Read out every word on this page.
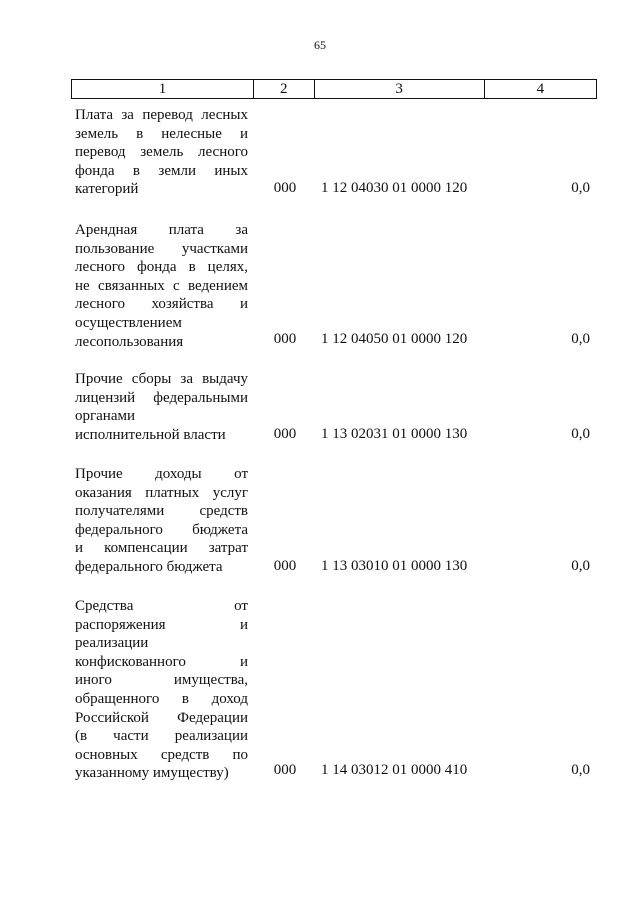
65
1	2	3	4
Плата за перевод лесных
земель в нелесные и
перевод земель лесного
фонда в земли иных
категорий	000	1 12 04030 01 0000 120	0,0
Арендная плата за
пользование участками
лесного фонда в целях,
не связанных с ведением
лесного хозяйства и
осуществлением
лесопользования	000	1 12 04050 01 0000 120	0,0
Прочие сборы за выдачу
лицензий федеральными
органами
исполнительной власти	000	1 13 02031 01 0000 130	0,0
Прочие доходы от
оказания платных услуг
получателями средств
федерального бюджета
и компенсации затрат
федерального бюджета	000	1 13 03010 01 0000 130	0,0
Средства от
распоряжения и
реализации
конфискованного и
иного имущества,
обращенного в доход
Российской Федерации
(в части реализации
основных средств по
указанному имуществу)	000	1 14 03012 01 0000 410	0,0
